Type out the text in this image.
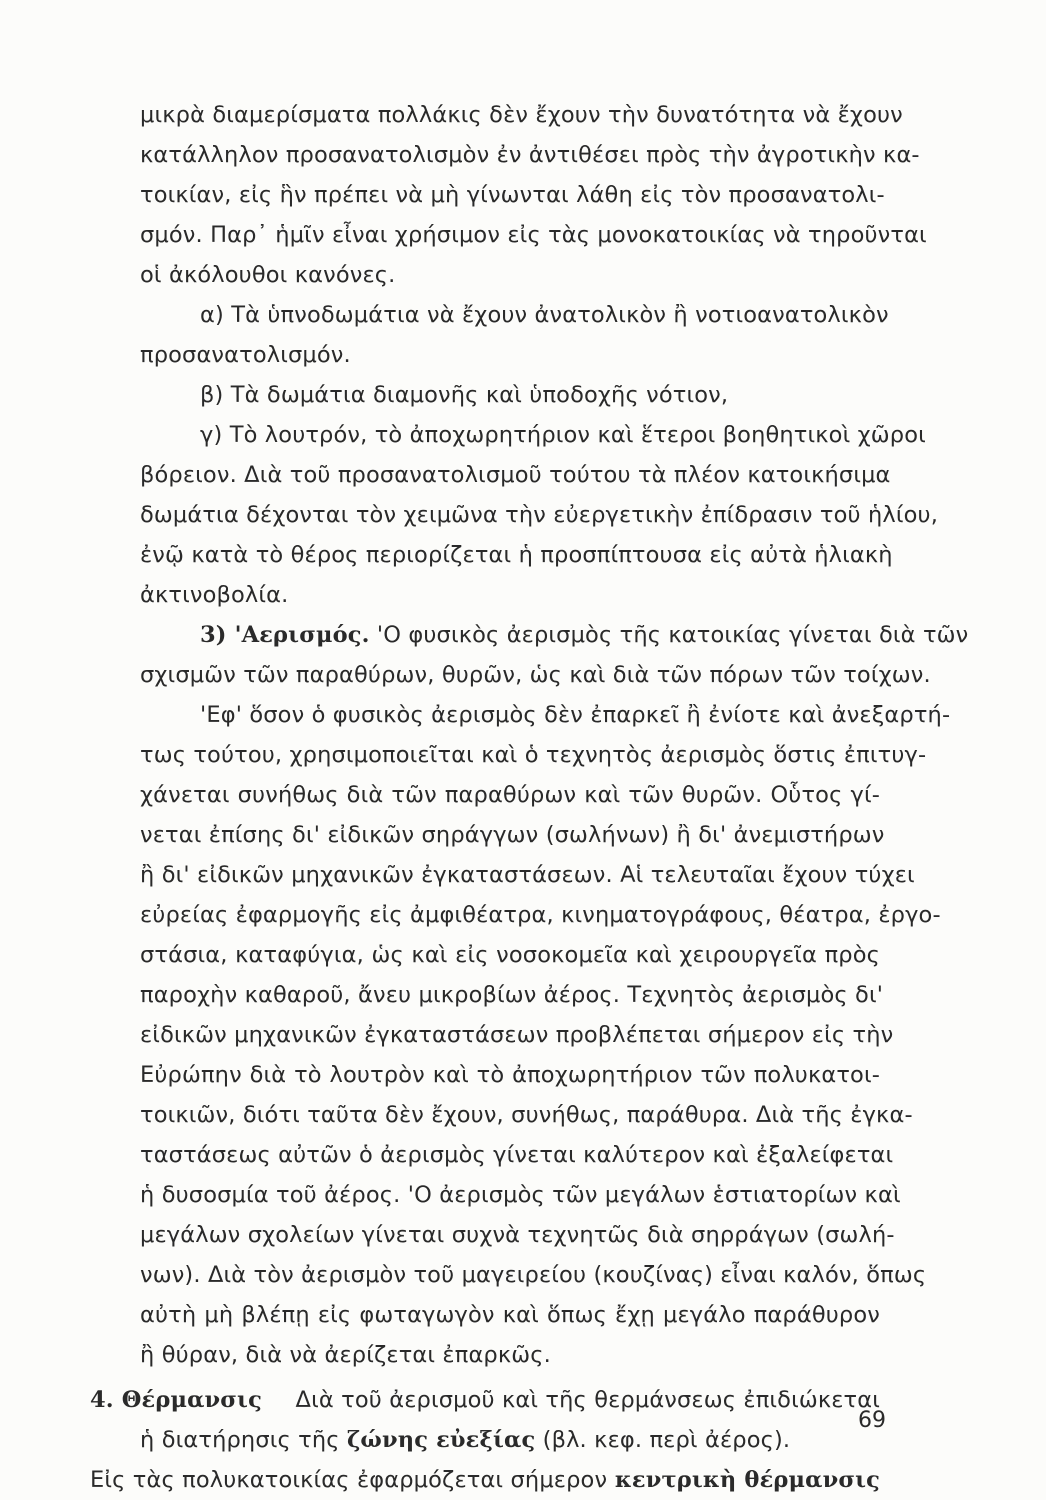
μικρὰ διαμερίσματα πολλάκις δὲν ἔχουν τὴν δυνατότητα νὰ ἔχουν
κατάλληλον προσανατολισμὸν ἐν ἀντιθέσει πρὸς τὴν ἀγροτικὴν κα-
τοικίαν, εἰς ἣν πρέπει νὰ μὴ γίνωνται λάθη εἰς τὸν προσανατολι-
σμόν. Παρ᾽ ἡμῖν εἶναι χρήσιμον εἰς τὰς μονοκατοικίας νὰ τηροῦνται
οἱ ἀκόλουθοι κανόνες.
α) Τὰ ὑπνοδωμάτια νὰ ἔχουν ἀνατολικὸν ἢ νοτιοανατολικὸν
προσανατολισμόν.
β) Τὰ δωμάτια διαμονῆς καὶ ὑποδοχῆς νότιον,
γ) Τὸ λουτρόν, τὸ ἀποχωρητήριον καὶ ἕτεροι βοηθητικοὶ χῶροι
βόρειον. Διὰ τοῦ προσανατολισμοῦ τούτου τὰ πλέον κατοικήσιμα
δωμάτια δέχονται τὸν χειμῶνα τὴν εὐεργετικὴν ἐπίδρασιν τοῦ ἡλίου,
ἐνῷ κατὰ τὸ θέρος περιορίζεται ἡ προσπίπτουσα εἰς αὐτὰ ἡλιακὴ
ἀκτινοβολία.
3) 'Αερισμός. 'Ο φυσικὸς ἀερισμὸς τῆς κατοικίας γίνεται διὰ τῶν
σχισμῶν τῶν παραθύρων, θυρῶν, ὡς καὶ διὰ τῶν πόρων τῶν τοίχων.
'Εφ' ὅσον ὁ φυσικὸς ἀερισμὸς δὲν ἐπαρκεῖ ἢ ἐνίοτε καὶ ἀνεξαρτή-
τως τούτου, χρησιμοποιεῖται καὶ ὁ τεχνητὸς ἀερισμὸς ὅστις ἐπιτυγ-
χάνεται συνήθως διὰ τῶν παραθύρων καὶ τῶν θυρῶν. Οὗτος γί-
νεται ἐπίσης δι' εἰδικῶν σηράγγων (σωλήνων) ἢ δι' ἀνεμιστήρων
ἢ δι' εἰδικῶν μηχανικῶν ἐγκαταστάσεων. Αἱ τελευταῖαι ἔχουν τύχει
εὐρείας ἐφαρμογῆς εἰς ἀμφιθέατρα, κινηματογράφους, θέατρα, ἐργο-
στάσια, καταφύγια, ὡς καὶ εἰς νοσοκομεῖα καὶ χειρουργεῖα πρὸς
παροχὴν καθαροῦ, ἄνευ μικροβίων ἀέρος. Τεχνητὸς ἀερισμὸς δι'
εἰδικῶν μηχανικῶν ἐγκαταστάσεων προβλέπεται σήμερον εἰς τὴν
Εὐρώπην διὰ τὸ λουτρὸν καὶ τὸ ἀποχωρητήριον τῶν πολυκατοι-
τοικιῶν, διότι ταῦτα δὲν ἔχουν, συνήθως, παράθυρα. Διὰ τῆς ἐγκα-
ταστάσεως αὐτῶν ὁ ἀερισμὸς γίνεται καλύτερον καὶ ἐξαλείφεται
ἡ δυσοσμία τοῦ ἀέρος. 'Ο ἀερισμὸς τῶν μεγάλων ἑστιατορίων καὶ
μεγάλων σχολείων γίνεται συχνὰ τεχνητῶς διὰ σηρράγων (σωλή-
νων). Διὰ τὸν ἀερισμὸν τοῦ μαγειρείου (κουζίνας) εἶναι καλόν, ὅπως
αὐτὴ μὴ βλέπῃ εἰς φωταγωγὸν καὶ ὅπως ἔχῃ μεγάλο παράθυρον
ἢ θύραν, διὰ νὰ ἀερίζεται ἐπαρκῶς.
4. Θέρμανσις Διὰ τοῦ ἀερισμοῦ καὶ τῆς θερμάνσεως ἐπιδιώκεται
ἡ διατήρησις τῆς ζώνης εὐεξίας (βλ. κεφ. περὶ ἀέρος).
Εἰς τὰς πολυκατοικίας ἐφαρμόζεται σήμερον κεντρικὴ θέρμανσις
69
